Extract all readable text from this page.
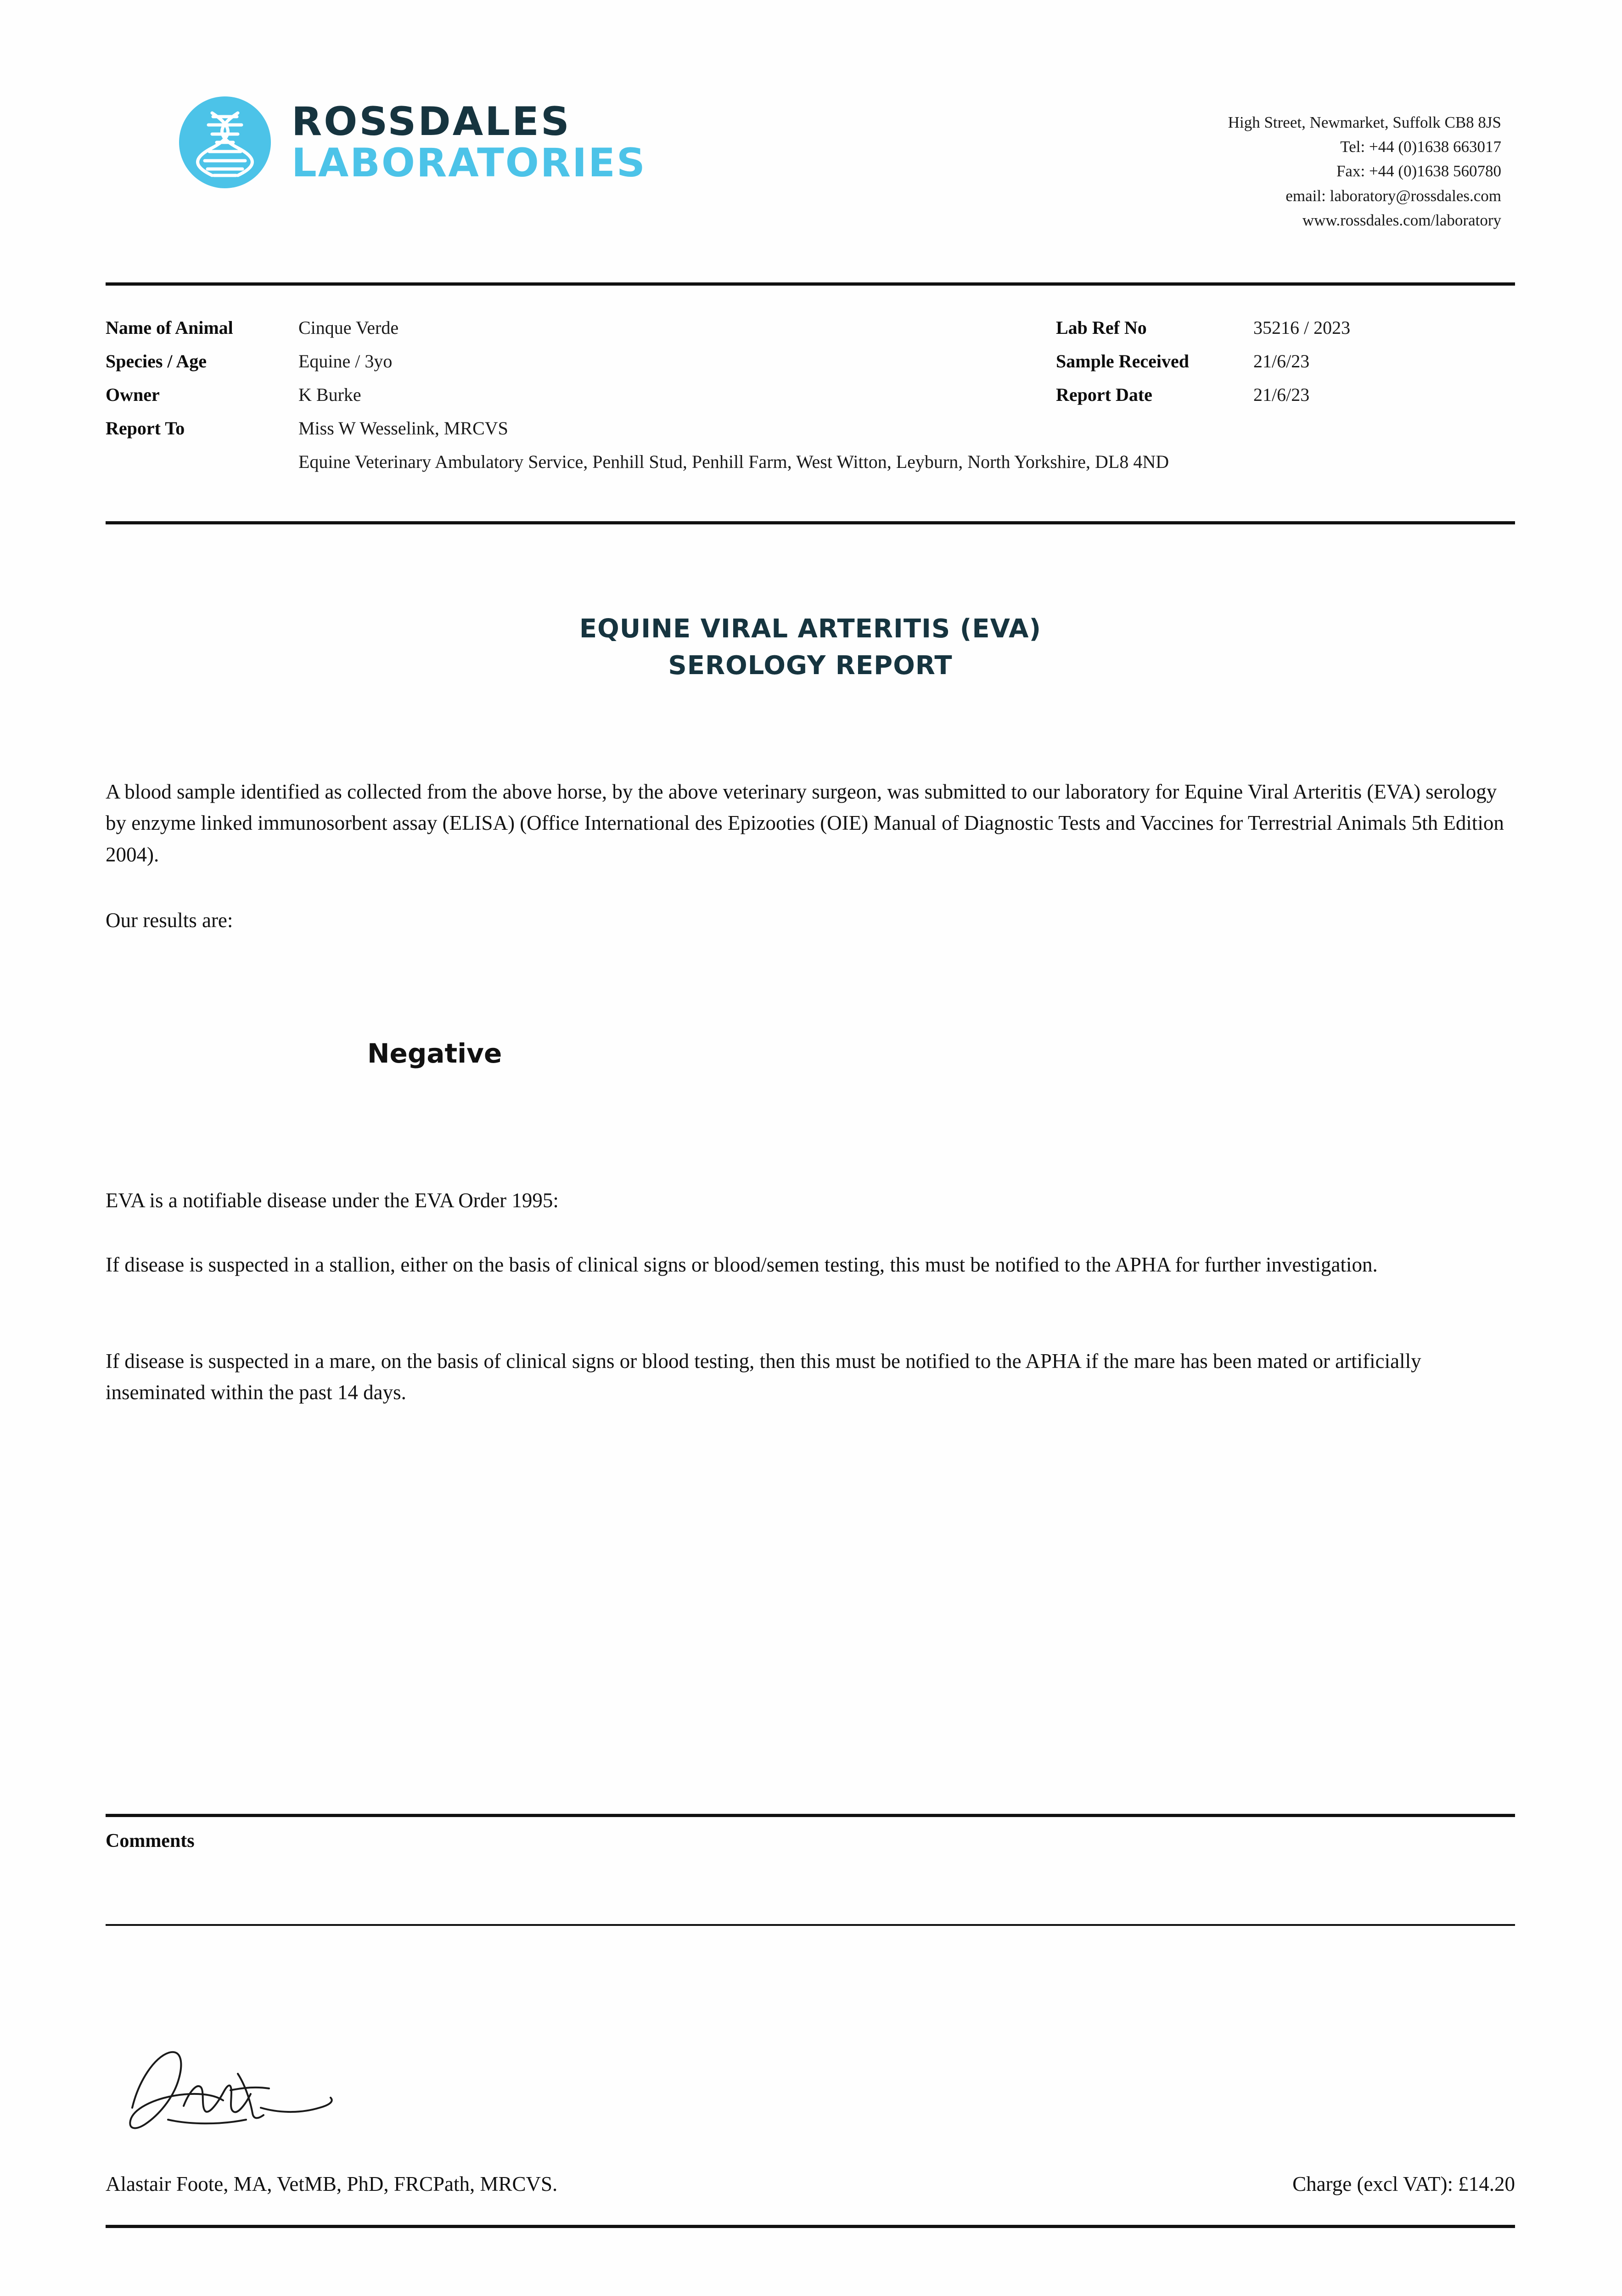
ROSSDALES
LABORATORIES
High Street, Newmarket, Suffolk CB8 8JS
Tel: +44 (0)1638 663017
Fax: +44 (0)1638 560780
email: laboratory@rossdales.com
www.rossdales.com/laboratory
Name of Animal	Cinque Verde	Lab Ref No	35216 / 2023
Species / Age	Equine / 3yo	Sample Received	21/6/23
Owner	K Burke	Report Date	21/6/23
Report To	Miss W Wesselink, MRCVS
Equine Veterinary Ambulatory Service, Penhill Stud, Penhill Farm, West Witton, Leyburn, North Yorkshire, DL8 4ND
EQUINE VIRAL ARTERITIS (EVA)
SEROLOGY REPORT
A blood sample identified as collected from the above horse, by the above veterinary surgeon, was submitted to our laboratory for Equine Viral Arteritis (EVA) serology by enzyme linked immunosorbent assay (ELISA) (Office International des Epizooties (OIE) Manual of Diagnostic Tests and Vaccines for Terrestrial Animals 5th Edition 2004).
Our results are:
Negative
EVA is a notifiable disease under the EVA Order 1995:
If disease is suspected in a stallion, either on the basis of clinical signs or blood/semen testing, this must be notified to the APHA for further investigation.
If disease is suspected in a mare, on the basis of clinical signs or blood testing, then this must be notified to the APHA if the mare has been mated or artificially inseminated within the past 14 days.
Comments
Alastair Foote, MA, VetMB, PhD, FRCPath, MRCVS.	Charge (excl VAT): £14.20
